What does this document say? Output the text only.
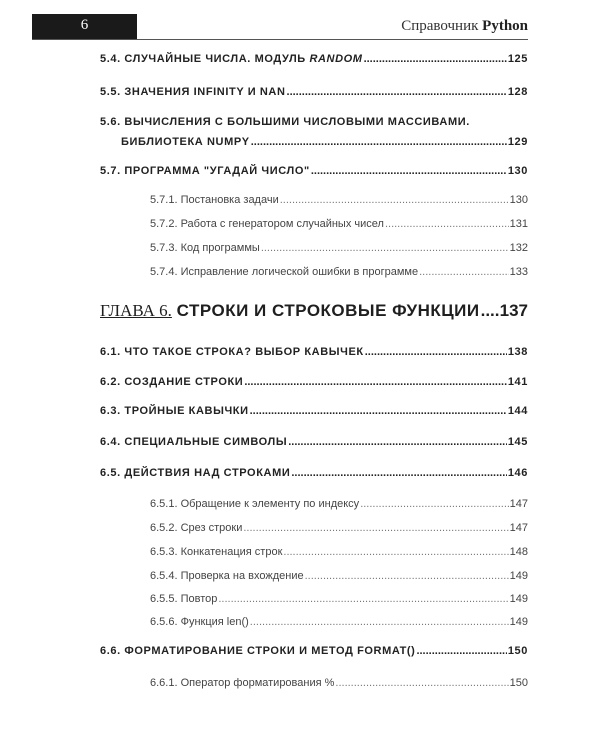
6	Справочник Python
5.4. СЛУЧАЙНЫЕ ЧИСЛА. МОДУЛЬ RANDOM .....	125
5.5. ЗНАЧЕНИЯ INFINITY И NAN .....	128
5.6. ВЫЧИСЛЕНИЯ С БОЛЬШИМИ ЧИСЛОВЫМИ МАССИВАМИ.
БИБЛИОТЕКА NUMPY .....	129
5.7. ПРОГРАММА "УГАДАЙ ЧИСЛО" .....	130
5.7.1. Постановка задачи .....	130
5.7.2. Работа с генератором случайных чисел .....	131
5.7.3. Код программы .....	132
5.7.4. Исправление логической ошибки в программе .....	133
ГЛАВА 6. СТРОКИ И СТРОКОВЫЕ ФУНКЦИИ ..... 137
6.1. ЧТО ТАКОЕ СТРОКА? ВЫБОР КАВЫЧЕК .....	138
6.2. СОЗДАНИЕ СТРОКИ .....	141
6.3. ТРОЙНЫЕ КАВЫЧКИ .....	144
6.4. СПЕЦИАЛЬНЫЕ СИМВОЛЫ .....	145
6.5. ДЕЙСТВИЯ НАД СТРОКАМИ .....	146
6.5.1. Обращение к элементу по индексу .....	147
6.5.2. Срез строки .....	147
6.5.3. Конкатенация строк .....	148
6.5.4. Проверка на вхождение .....	149
6.5.5. Повтор .....	149
6.5.6. Функция len() .....	149
6.6. ФОРМАТИРОВАНИЕ СТРОКИ И МЕТОД FORMAT() .....	150
6.6.1. Оператор форматирования % .....	150
